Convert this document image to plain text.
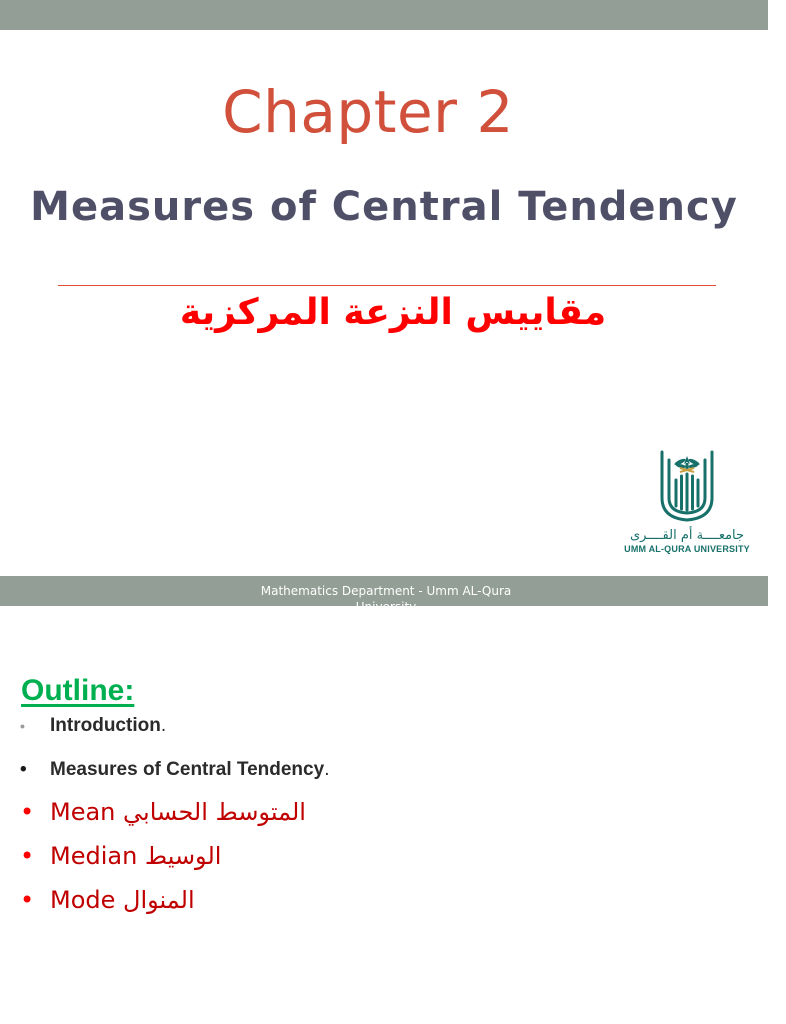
Chapter 2
Measures of Central Tendency
مقاييس النزعة المركزية
جامعــــة أم القــــرى
UMM AL-QURA UNIVERSITY
Mathematics Department - Umm AL-Qura University
Outline:
• Introduction.
• Measures of Central Tendency.
• Mean المتوسط الحسابي
• Median الوسيط
• Mode المنوال
